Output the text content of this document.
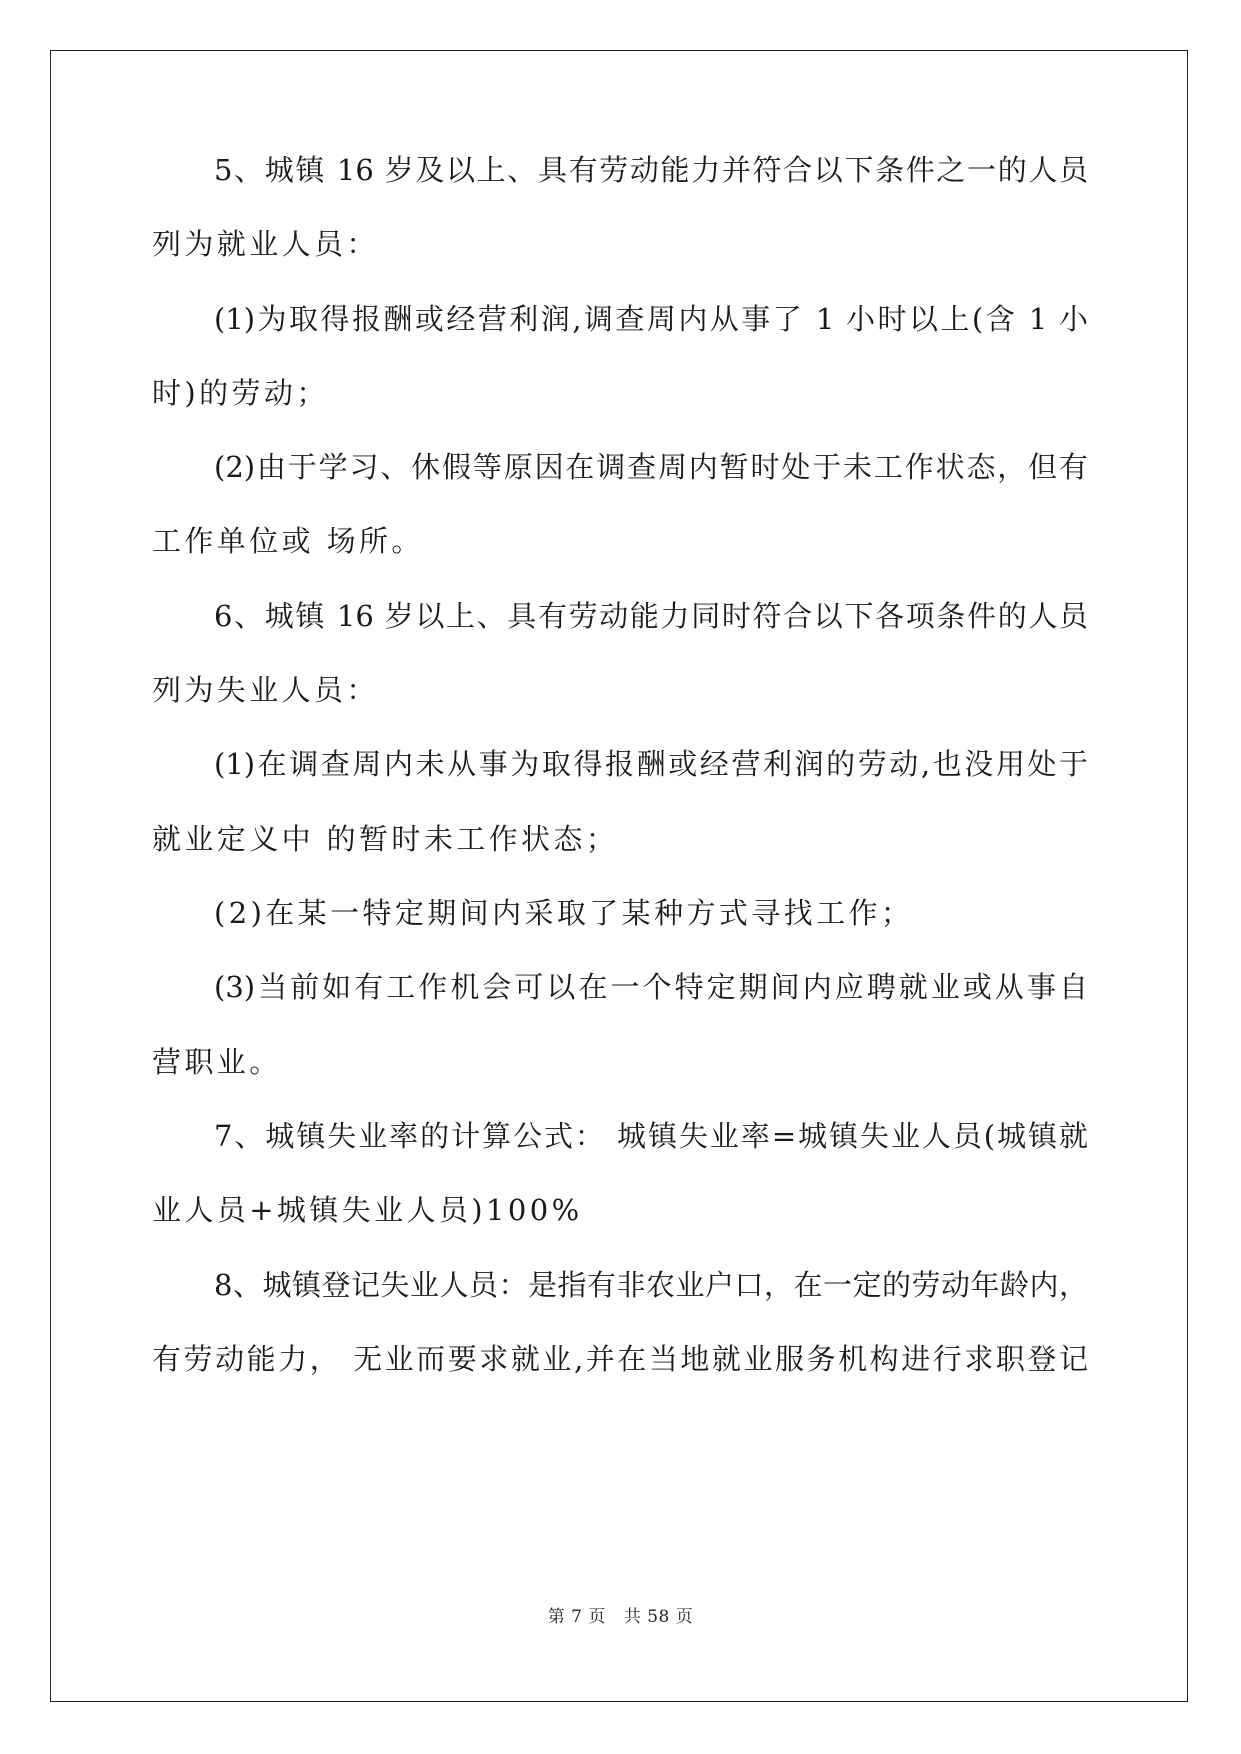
5、城镇 16 岁及以上、具有劳动能力并符合以下条件之一的人员
列为就业人员：
(1)为取得报酬或经营利润,调查周内从事了 1 小时以上(含 1 小
时)的劳动；
(2)由于学习、休假等原因在调查周内暂时处于未工作状态，但有
工作单位或 场所。
6、城镇 16 岁以上、具有劳动能力同时符合以下各项条件的人员
列为失业人员：
(1)在调查周内未从事为取得报酬或经营利润的劳动,也没用处于
就业定义中 的暂时未工作状态；
(2)在某一特定期间内采取了某种方式寻找工作；
(3)当前如有工作机会可以在一个特定期间内应聘就业或从事自
营职业。
7、城镇失业率的计算公式： 城镇失业率=城镇失业人员(城镇就
业人员+城镇失业人员)100%
8、城镇登记失业人员：是指有非农业户口，在一定的劳动年龄内，
有劳动能力， 无业而要求就业,并在当地就业服务机构进行求职登记
第 7 页 共 58 页
